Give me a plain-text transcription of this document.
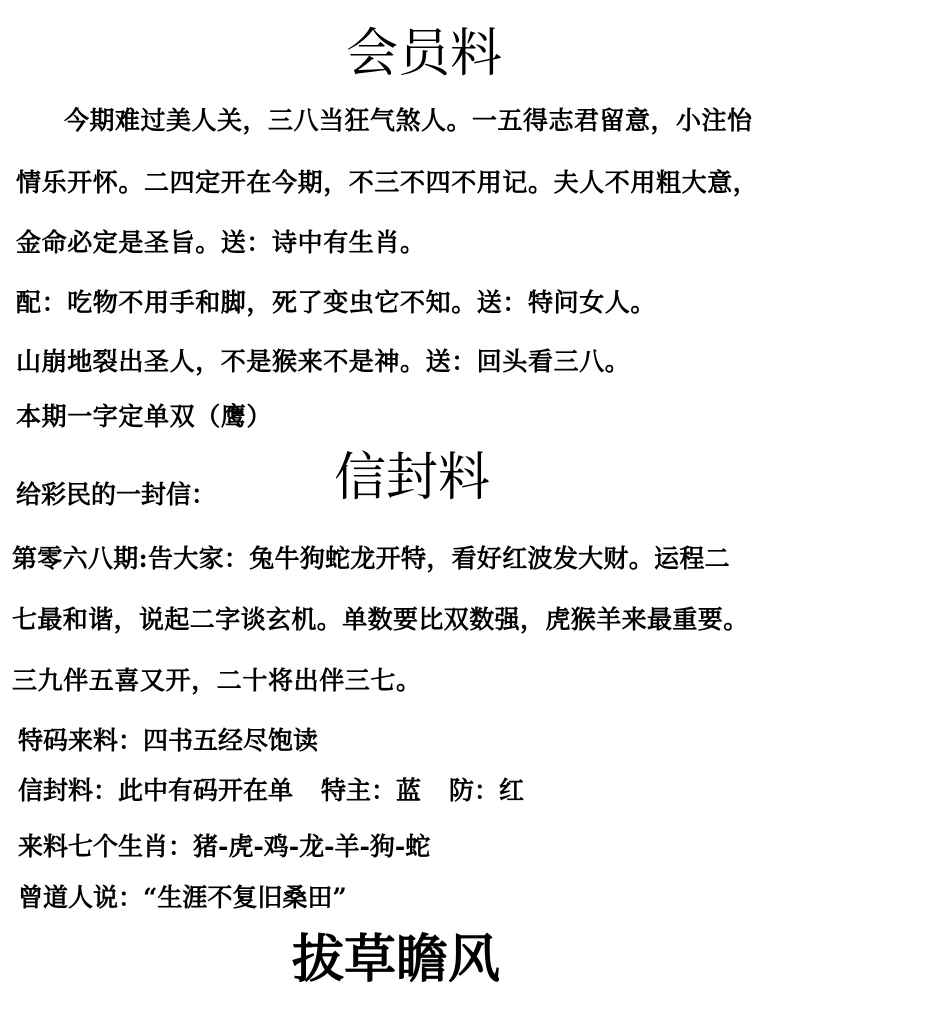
会员料
今期难过美人关，三八当狂气煞人。一五得志君留意，小注怡
情乐开怀。二四定开在今期，不三不四不用记。夫人不用粗大意，
金命必定是圣旨。送：诗中有生肖。
配：吃物不用手和脚，死了变虫它不知。送：特问女人。
山崩地裂出圣人，不是猴来不是神。送：回头看三八。
本期一字定单双（鹰）
给彩民的一封信： 信封料
第零六八期:告大家：兔牛狗蛇龙开特，看好红波发大财。运程二
七最和谐，说起二字谈玄机。单数要比双数强，虎猴羊来最重要。
三九伴五喜又开，二十将出伴三七。
特码来料：四书五经尽饱读
信封料：此中有码开在单 特主：蓝 防：红
来料七个生肖：猪-虎-鸡-龙-羊-狗-蛇
曾道人说：“生涯不复旧桑田”
拔草瞻风
